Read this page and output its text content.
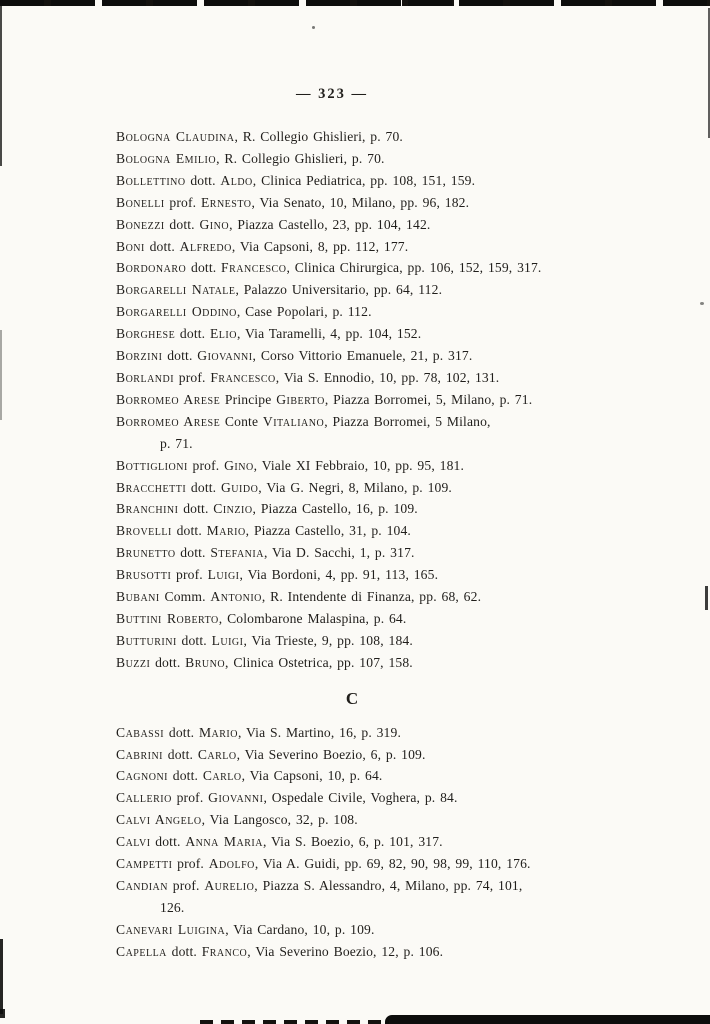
— 323 —
Bologna Claudina, R. Collegio Ghislieri, p. 70.
Bologna Emilio, R. Collegio Ghislieri, p. 70.
Bollettino dott. Aldo, Clinica Pediatrica, pp. 108, 151, 159.
Bonelli prof. Ernesto, Via Senato, 10, Milano, pp. 96, 182.
Bonezzi dott. Gino, Piazza Castello, 23, pp. 104, 142.
Boni dott. Alfredo, Via Capsoni, 8, pp. 112, 177.
Bordonaro dott. Francesco, Clinica Chirurgica, pp. 106, 152, 159, 317.
Borgarelli Natale, Palazzo Universitario, pp. 64, 112.
Borgarelli Oddino, Case Popolari, p. 112.
Borghese dott. Elio, Via Taramelli, 4, pp. 104, 152.
Borzini dott. Giovanni, Corso Vittorio Emanuele, 21, p. 317.
Borlandi prof. Francesco, Via S. Ennodio, 10, pp. 78, 102, 131.
Borromeo Arese Principe Giberto, Piazza Borromei, 5, Milano, p. 71.
Borromeo Arese Conte Vitaliano, Piazza Borromei, 5 Milano,
p. 71.
Bottiglioni prof. Gino, Viale XI Febbraio, 10, pp. 95, 181.
Bracchetti dott. Guido, Via G. Negri, 8, Milano, p. 109.
Branchini dott. Cinzio, Piazza Castello, 16, p. 109.
Brovelli dott. Mario, Piazza Castello, 31, p. 104.
Brunetto dott. Stefania, Via D. Sacchi, 1, p. 317.
Brusotti prof. Luigi, Via Bordoni, 4, pp. 91, 113, 165.
Bubani Comm. Antonio, R. Intendente di Finanza, pp. 68, 62.
Buttini Roberto, Colombarone Malaspina, p. 64.
Butturini dott. Luigi, Via Trieste, 9, pp. 108, 184.
Buzzi dott. Bruno, Clinica Ostetrica, pp. 107, 158.
C
Cabassi dott. Mario, Via S. Martino, 16, p. 319.
Cabrini dott. Carlo, Via Severino Boezio, 6, p. 109.
Cagnoni dott. Carlo, Via Capsoni, 10, p. 64.
Callerio prof. Giovanni, Ospedale Civile, Voghera, p. 84.
Calvi Angelo, Via Langosco, 32, p. 108.
Calvi dott. Anna Maria, Via S. Boezio, 6, p. 101, 317.
Campetti prof. Adolfo, Via A. Guidi, pp. 69, 82, 90, 98, 99, 110, 176.
Candian prof. Aurelio, Piazza S. Alessandro, 4, Milano, pp. 74, 101,
126.
Canevari Luigina, Via Cardano, 10, p. 109.
Capella dott. Franco, Via Severino Boezio, 12, p. 106.
